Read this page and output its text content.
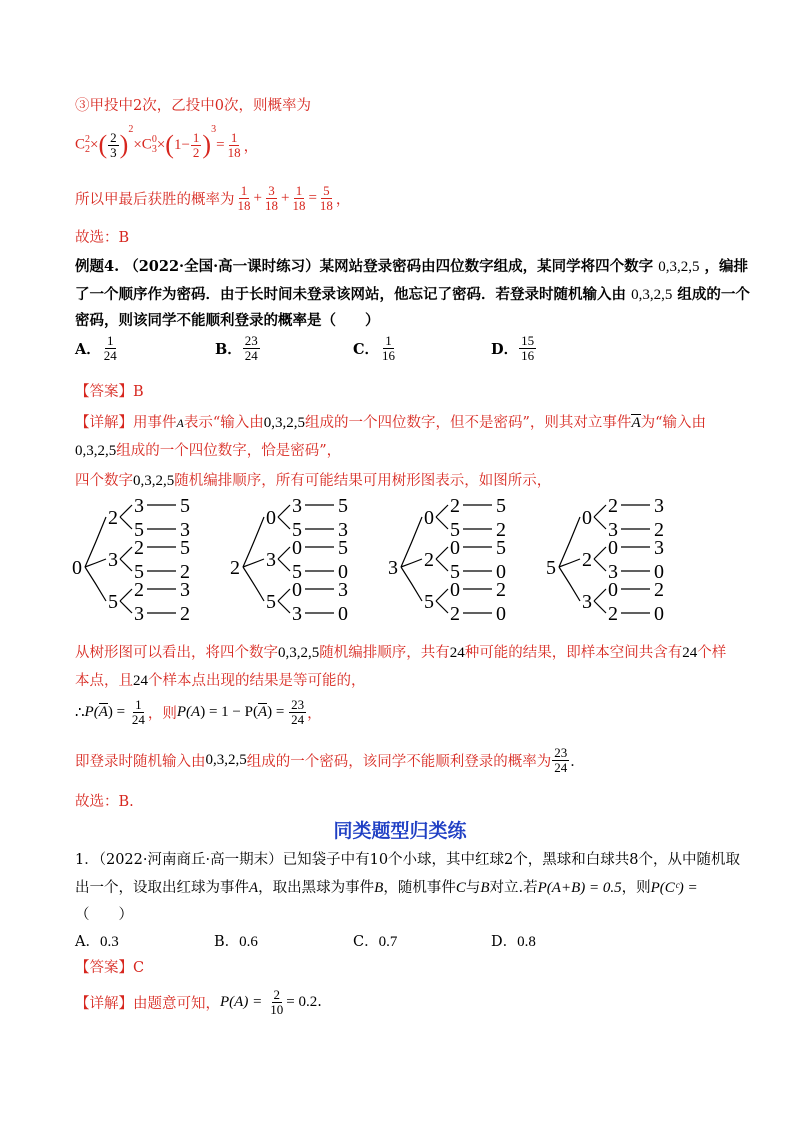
③甲投中2次，乙投中0次，则概率为
C 2
2 × ( $\frac{2}{3}$ )
$^2$
× C 0
3 × ( $1- \frac{1}{2}$ )
$^3$
= $\frac{1}{18}$ ，
所以甲最后获胜的概率为 $\frac{1}{18} + \frac{3}{18} + \frac{1}{18} = \frac{5}{18}$ ，
故选：B
例题4. （2022·全国·高一课时练习）某网站登录密码由四位数字组成，某同学将四个数字 0,3,2,5 ，编排
了一个顺序作为密码．由于长时间未登录该网站，他忘记了密码．若登录时随机输入由 0,3,2,5 组成的一个
密码，则该同学不能顺利登录的概率是（　　）
A． $\frac{1}{24}$	B． $\frac{23}{24}$	C． $\frac{1}{16}$	D． $\frac{15}{16}$
【答案】B
【详解】用事件A表示“输入由0,3,2,5组成的一个四位数字，但不是密码”，则其对立事件A为“输入由
0,3,2,5组成的一个四位数字，恰是密码”，
四个数字0,3,2,5随机编排顺序，所有可能结果可用树形图表示，如图所示，
0
2
3 5
5 3
3
2 5
5 2
5
2 3
3 2
2
0
3 5
5 3
3
0 5
5 0
5
0 3
3 0
3
0
2 5
5 2
2
0 5
5 0
5
0 2
2 0
5
0
2 3
3 2
2
0 3
3 0
3
0 2
2 0
从树形图可以看出，将四个数字0,3,2,5随机编排顺序，共有24种可能的结果，即样本空间共含有24个样
本点，且24个样本点出现的结果是等可能的，
∴ P( A ) = $\frac{1}{24}$ ，则 P( A ) = 1 − P( A ) = $\frac{23}{24}$ ，
即登录时随机输入由 0,3,2,5 组成的一个密码，该同学不能顺利登录的概率为 $\frac{23}{24}$ ．
故选：B.
同类题型归类练
1．（2022·河南商丘·高一期末）已知袋子中有10个小球，其中红球2个，黑球和白球共8个，从中随机取
出一个，设取出红球为事件A，取出黑球为事件B，随机事件C与B对立.若P(A+B) = 0.5，则P(Cᶜ) =
（　　）
A．0.3	B．0.6	C．0.7	D．0.8
【答案】C
【详解】 由题意可知， P(A) =
$\frac{2}{10} = 0.2$ .
